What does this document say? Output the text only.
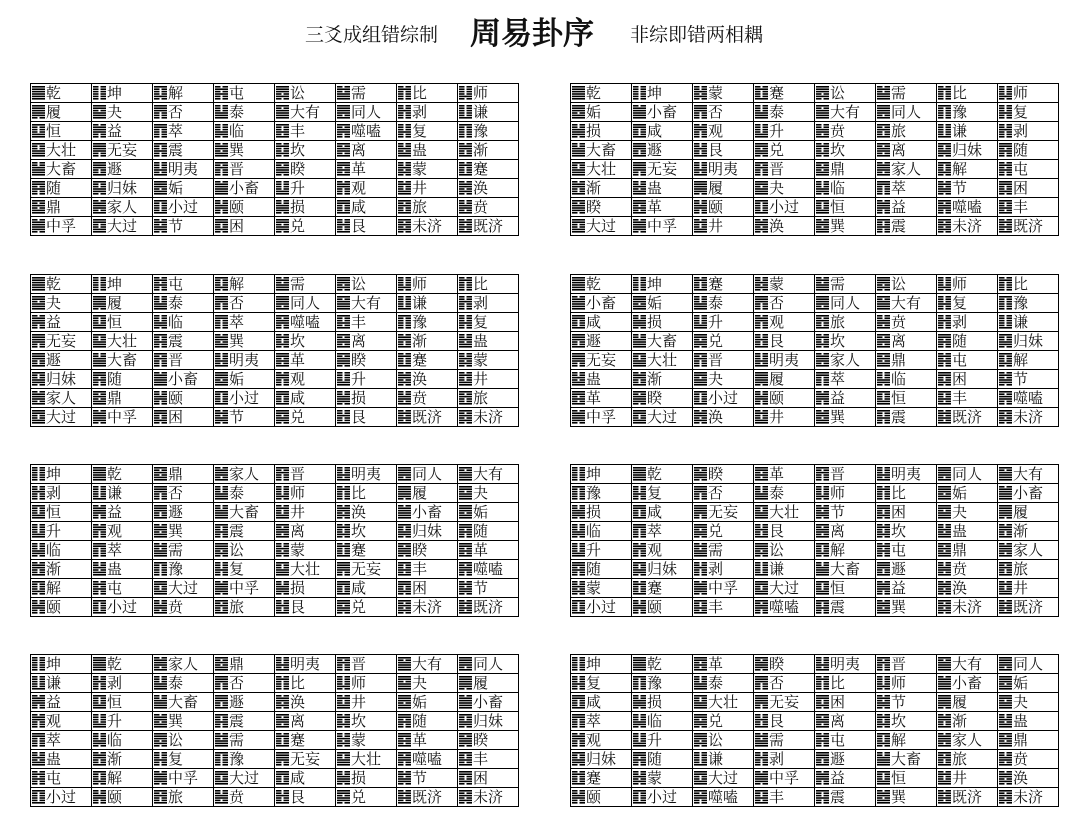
三爻成组错综制 周易卦序 非综即错两相耦
乾	坤	解	屯	讼	需	比	师

履	夬	否	泰	大有	同人	剥	谦

恒	益	萃	临	丰	噬嗑	复	豫

大壮	无妄	震	巽	坎	离	蛊	渐

大畜	遯	明夷	晋	睽	革	蒙	蹇

随	归妹	姤	小畜	升	观	井	涣

鼎	家人	小过	颐	损	咸	旅	贲

中孚	大过	节	困	兑	艮	未济	既济
乾	坤	蒙	蹇	讼	需	比	师

姤	小畜	否	泰	大有	同人	豫	复

损	咸	观	升	贲	旅	谦	剥

大畜	遯	艮	兑	坎	离	归妹	随

大壮	无妄	明夷	晋	鼎	家人	解	屯

渐	蛊	履	夬	临	萃	节	困

睽	革	颐	小过	恒	益	噬嗑	丰

大过	中孚	井	涣	巽	震	未济	既济
乾	坤	屯	解	需	讼	师	比

夬	履	泰	否	同人	大有	谦	剥

益	恒	临	萃	噬嗑	丰	豫	复

无妄	大壮	震	巽	坎	离	渐	蛊

遯	大畜	晋	明夷	革	睽	蹇	蒙

归妹	随	小畜	姤	观	升	涣	井

家人	鼎	颐	小过	咸	损	贲	旅

大过	中孚	困	节	兑	艮	既济	未济
乾	坤	蹇	蒙	需	讼	师	比

小畜	姤	泰	否	同人	大有	复	豫

咸	损	升	观	旅	贲	剥	谦

遯	大畜	兑	艮	坎	离	随	归妹

无妄	大壮	晋	明夷	家人	鼎	屯	解

蛊	渐	夬	履	萃	临	困	节

革	睽	小过	颐	益	恒	丰	噬嗑

中孚	大过	涣	井	巽	震	既济	未济
坤	乾	鼎	家人	晋	明夷	同人	大有

剥	谦	否	泰	师	比	履	夬

恒	益	遯	大畜	井	涣	小畜	姤

升	观	巽	震	离	坎	归妹	随

临	萃	需	讼	蒙	蹇	睽	革

渐	蛊	豫	复	大壮	无妄	丰	噬嗑

解	屯	大过	中孚	损	咸	困	节

颐	小过	贲	旅	艮	兑	未济	既济
坤	乾	睽	革	晋	明夷	同人	大有

豫	复	否	泰	师	比	姤	小畜

损	咸	无妄	大壮	节	困	夬	履

临	萃	兑	艮	离	坎	蛊	渐

升	观	需	讼	解	屯	鼎	家人

随	归妹	剥	谦	大畜	遯	贲	旅

蒙	蹇	中孚	大过	恒	益	涣	井

小过	颐	丰	噬嗑	震	巽	未济	既济
坤	乾	家人	鼎	明夷	晋	大有	同人

谦	剥	泰	否	比	师	夬	履

益	恒	大畜	遯	涣	井	姤	小畜

观	升	巽	震	离	坎	随	归妹

萃	临	讼	需	蹇	蒙	革	睽

蛊	渐	复	豫	无妄	大壮	噬嗑	丰

屯	解	中孚	大过	咸	损	节	困

小过	颐	旅	贲	艮	兑	既济	未济
坤	乾	革	睽	明夷	晋	大有	同人

复	豫	泰	否	比	师	小畜	姤

咸	损	大壮	无妄	困	节	履	夬

萃	临	兑	艮	离	坎	渐	蛊

观	升	讼	需	屯	解	家人	鼎

归妹	随	谦	剥	遯	大畜	旅	贲

蹇	蒙	大过	中孚	益	恒	井	涣

颐	小过	噬嗑	丰	震	巽	既济	未济
